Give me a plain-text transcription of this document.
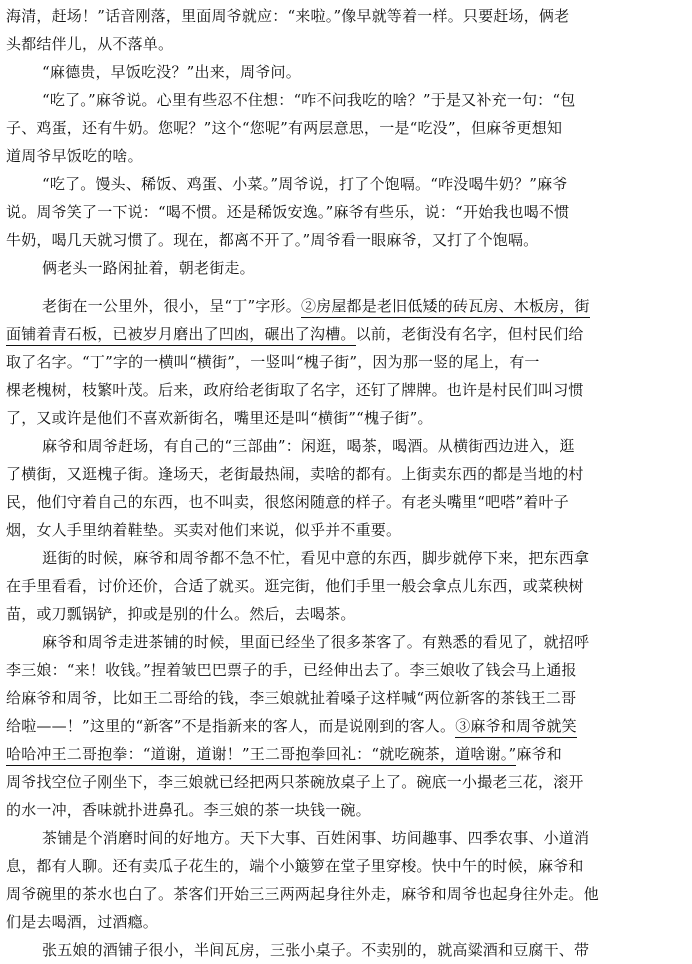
海清，赶场！”话音刚落，里面周爷就应：“来啦。”像早就等着一样。只要赶场，俩老
头都结伴儿，从不落单。
“麻德贵，早饭吃没？”出来，周爷问。
“吃了。”麻爷说。心里有些忍不住想：“咋不问我吃的啥？”于是又补充一句：“包
子、鸡蛋，还有牛奶。您呢？”这个“您呢”有两层意思，一是“吃没”，但麻爷更想知
道周爷早饭吃的啥。
“吃了。馒头、稀饭、鸡蛋、小菜。”周爷说，打了个饱嗝。“咋没喝牛奶？”麻爷
说。周爷笑了一下说：“喝不惯。还是稀饭安逸。”麻爷有些乐，说：“开始我也喝不惯
牛奶，喝几天就习惯了。现在，都离不开了。”周爷看一眼麻爷，又打了个饱嗝。
俩老头一路闲扯着，朝老街走。
老街在一公里外，很小，呈“丁”字形。②房屋都是老旧低矮的砖瓦房、木板房，街
面铺着青石板，已被岁月磨出了凹凼，碾出了沟槽。以前，老街没有名字，但村民们给
取了名字。“丁”字的一横叫“横街”，一竖叫“槐子街”，因为那一竖的尾上，有一
棵老槐树，枝繁叶茂。后来，政府给老街取了名字，还钉了牌牌。也许是村民们叫习惯
了，又或许是他们不喜欢新街名，嘴里还是叫“横街”“槐子街”。
麻爷和周爷赶场，有自己的“三部曲”：闲逛，喝茶，喝酒。从横街西边进入，逛
了横街，又逛槐子街。逢场天，老街最热闹，卖啥的都有。上街卖东西的都是当地的村
民，他们守着自己的东西，也不叫卖，很悠闲随意的样子。有老头嘴里“吧嗒”着叶子
烟，女人手里纳着鞋垫。买卖对他们来说，似乎并不重要。
逛街的时候，麻爷和周爷都不急不忙，看见中意的东西，脚步就停下来，把东西拿
在手里看看，讨价还价，合适了就买。逛完街，他们手里一般会拿点儿东西，或菜秧树
苗，或刀瓢锅铲，抑或是别的什么。然后，去喝茶。
麻爷和周爷走进茶铺的时候，里面已经坐了很多茶客了。有熟悉的看见了，就招呼
李三娘：“来！收钱。”捏着皱巴巴票子的手，已经伸出去了。李三娘收了钱会马上通报
给麻爷和周爷，比如王二哥给的钱，李三娘就扯着嗓子这样喊“两位新客的茶钱王二哥
给啦——！”这里的“新客”不是指新来的客人，而是说刚到的客人。③麻爷和周爷就笑
哈哈冲王二哥抱拳：“道谢，道谢！”王二哥抱拳回礼：“就吃碗茶，道啥谢。”麻爷和
周爷找空位子刚坐下，李三娘就已经把两只茶碗放桌子上了。碗底一小撮老三花，滚开
的水一冲，香味就扑进鼻孔。李三娘的茶一块钱一碗。
茶铺是个消磨时间的好地方。天下大事、百姓闲事、坊间趣事、四季农事、小道消
息，都有人聊。还有卖瓜子花生的，端个小簸箩在堂子里穿梭。快中午的时候，麻爷和
周爷碗里的茶水也白了。茶客们开始三三两两起身往外走，麻爷和周爷也起身往外走。他
们是去喝酒，过酒瘾。
张五娘的酒铺子很小，半间瓦房，三张小桌子。不卖别的，就高粱酒和豆腐干、带
